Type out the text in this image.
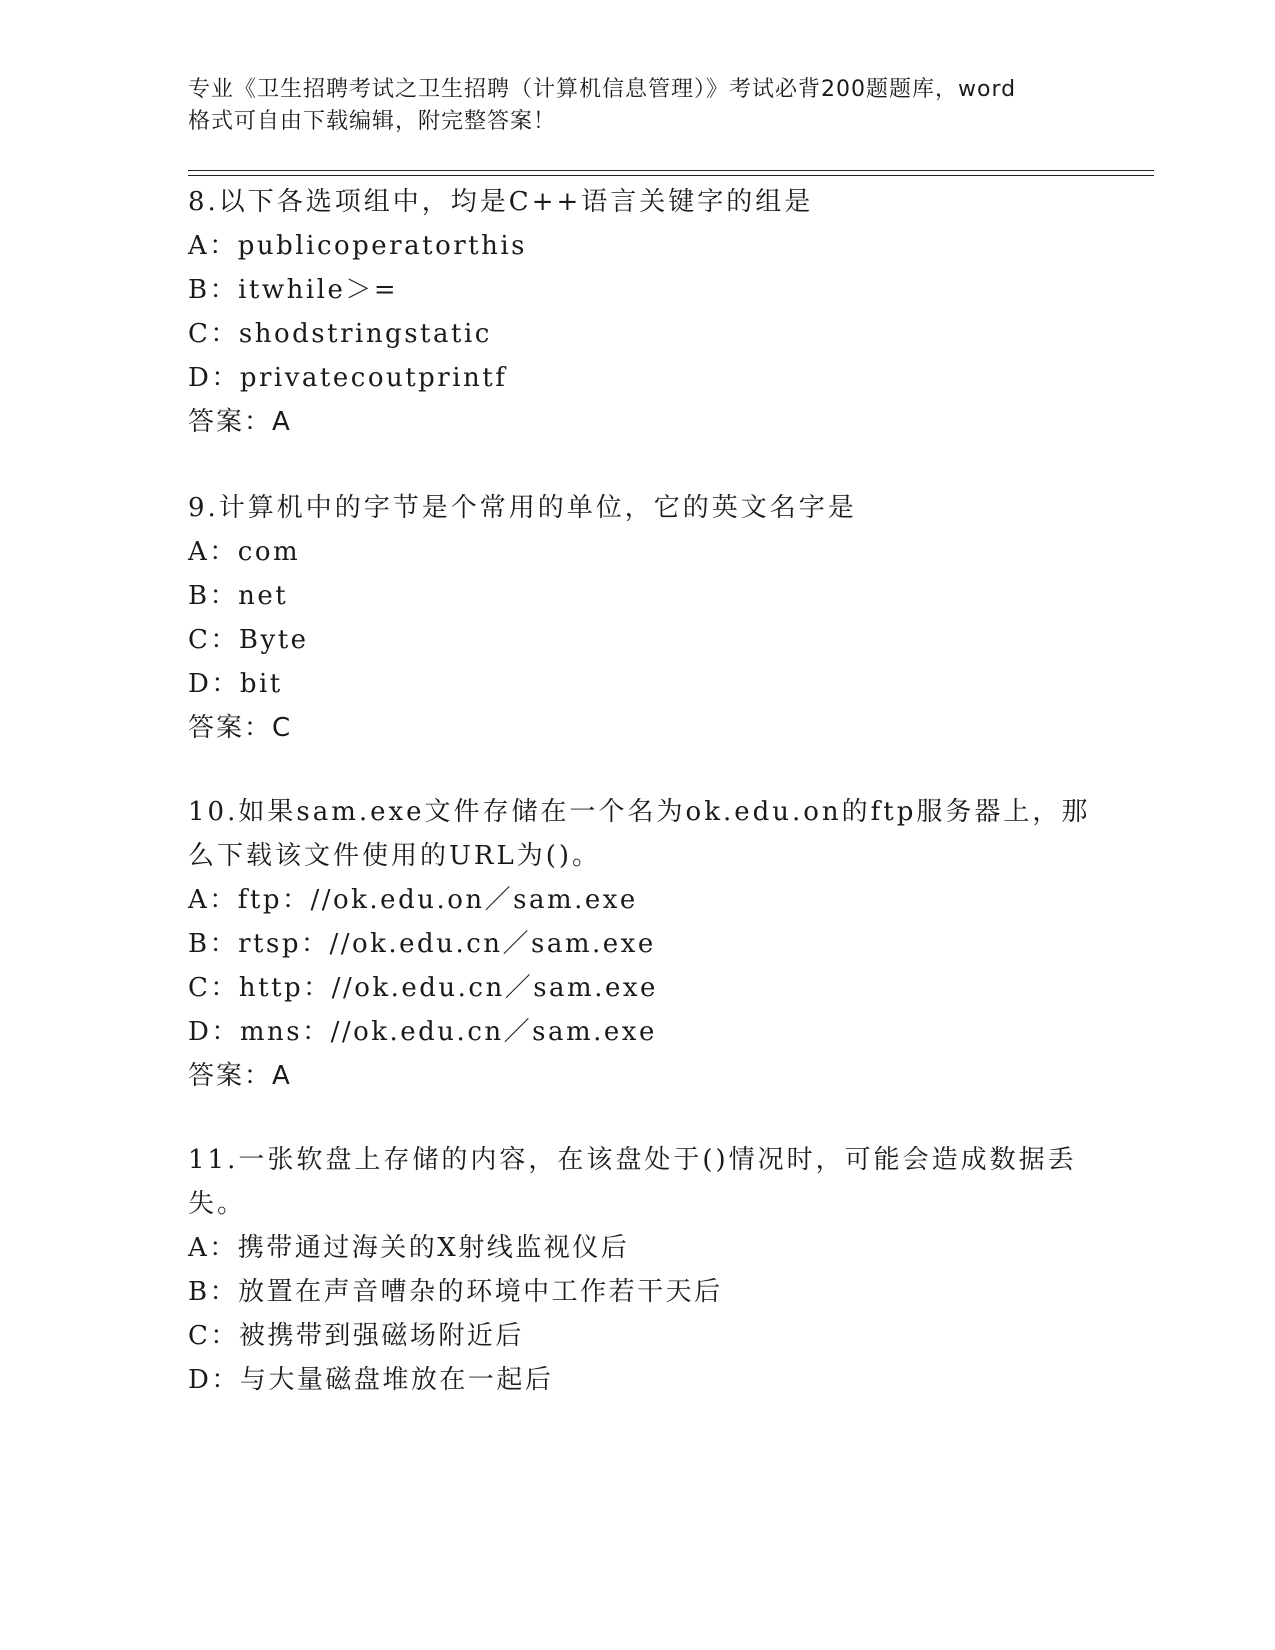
专业《卫生招聘考试之卫生招聘（计算机信息管理）》考试必背200题题库，word
格式可自由下载编辑，附完整答案！
8.以下各选项组中，均是C++语言关键字的组是
A：publicoperatorthis
B：itwhile＞=
C：shodstringstatic
D：privatecoutprintf
答案：A
9.计算机中的字节是个常用的单位，它的英文名字是
A：com
B：net
C：Byte
D：bit
答案：C
10.如果sam.exe文件存储在一个名为ok.edu.on的ftp服务器上，那
么下载该文件使用的URL为()。
A：ftp：//ok.edu.on／sam.exe
B：rtsp：//ok.edu.cn／sam.exe
C：http：//ok.edu.cn／sam.exe
D：mns：//ok.edu.cn／sam.exe
答案：A
11.一张软盘上存储的内容，在该盘处于()情况时，可能会造成数据丢
失。
A：携带通过海关的X射线监视仪后
B：放置在声音嘈杂的环境中工作若干天后
C：被携带到强磁场附近后
D：与大量磁盘堆放在一起后
